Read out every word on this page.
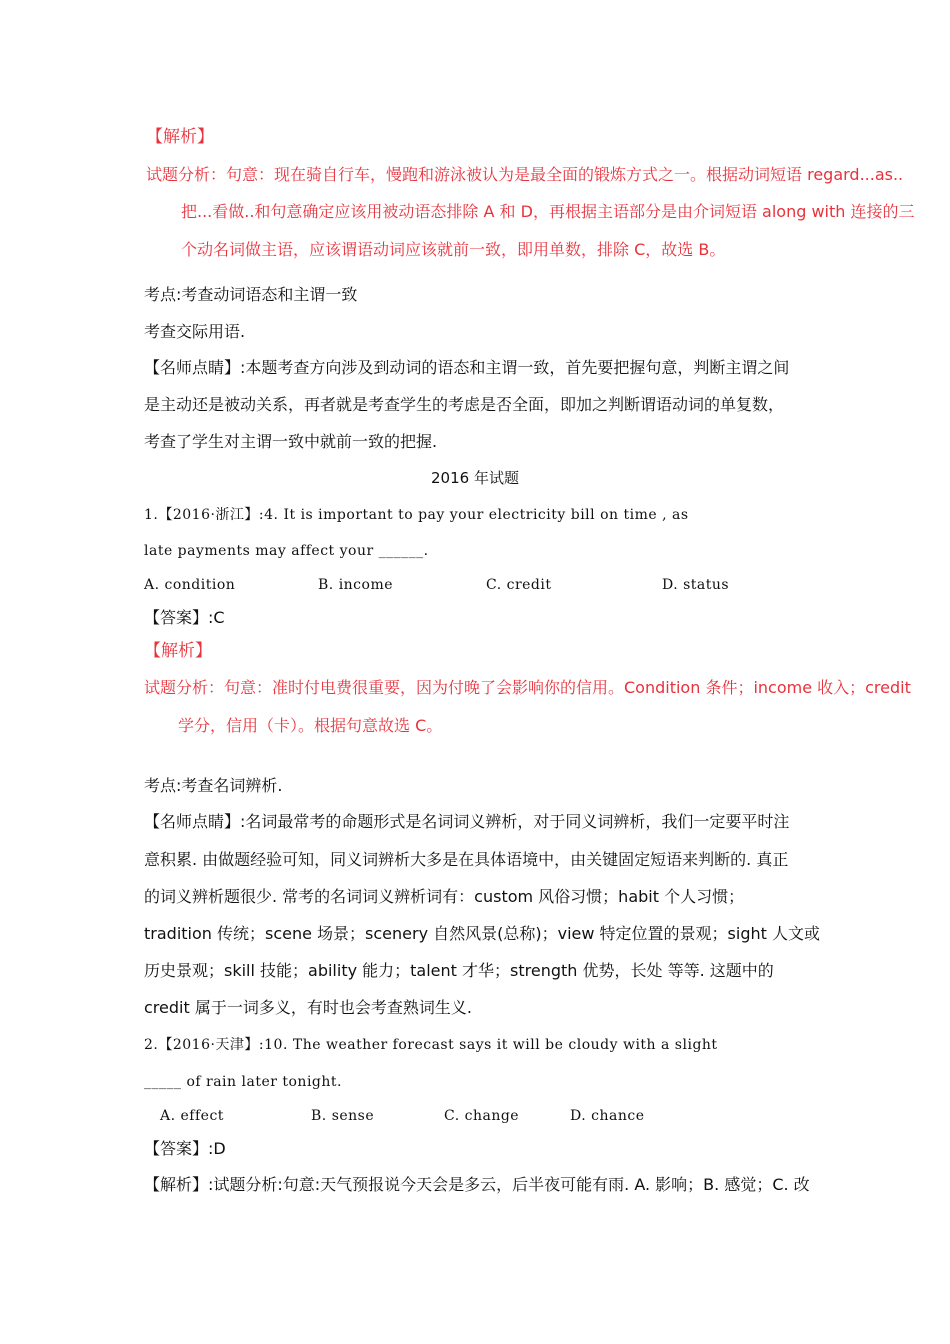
【解析】
试题分析：句意：现在骑自行车，慢跑和游泳被认为是最全面的锻炼方式之一。根据动词短语 regard...as..
把...看做..和句意确定应该用被动语态排除 A 和 D，再根据主语部分是由介词短语 along with 连接的三
个动名词做主语，应该谓语动词应该就前一致，即用单数，排除 C，故选 B。
考点:考查动词语态和主谓一致
考查交际用语.
【名师点睛】:本题考查方向涉及到动词的语态和主谓一致，首先要把握句意，判断主谓之间
是主动还是被动关系，再者就是考查学生的考虑是否全面，即加之判断谓语动词的单复数，
考查了学生对主谓一致中就前一致的把握.
2016 年试题
1.【2016·浙江】:4. It is important to pay your electricity bill on time , as
late payments may affect your ______.
A. condition	B. income	C. credit	D. status
【答案】:C
【解析】
试题分析：句意：准时付电费很重要，因为付晚了会影响你的信用。Condition 条件；income 收入；credit
学分，信用（卡）。根据句意故选 C。
考点:考查名词辨析.
【名师点睛】:名词最常考的命题形式是名词词义辨析，对于同义词辨析，我们一定要平时注
意积累. 由做题经验可知，同义词辨析大多是在具体语境中，由关键固定短语来判断的. 真正
的词义辨析题很少. 常考的名词词义辨析词有：custom 风俗习惯；habit 个人习惯；
tradition 传统；scene 场景；scenery 自然风景(总称)；view 特定位置的景观；sight 人文或
历史景观；skill 技能；ability 能力；talent 才华；strength 优势，长处 等等. 这题中的
credit 属于一词多义，有时也会考查熟词生义.
2.【2016·天津】:10. The weather forecast says it will be cloudy with a slight
_____ of rain later tonight.
A. effect	B. sense	C. change	D. chance
【答案】:D
【解析】:试题分析:句意:天气预报说今天会是多云，后半夜可能有雨. A. 影响；B. 感觉；C. 改
